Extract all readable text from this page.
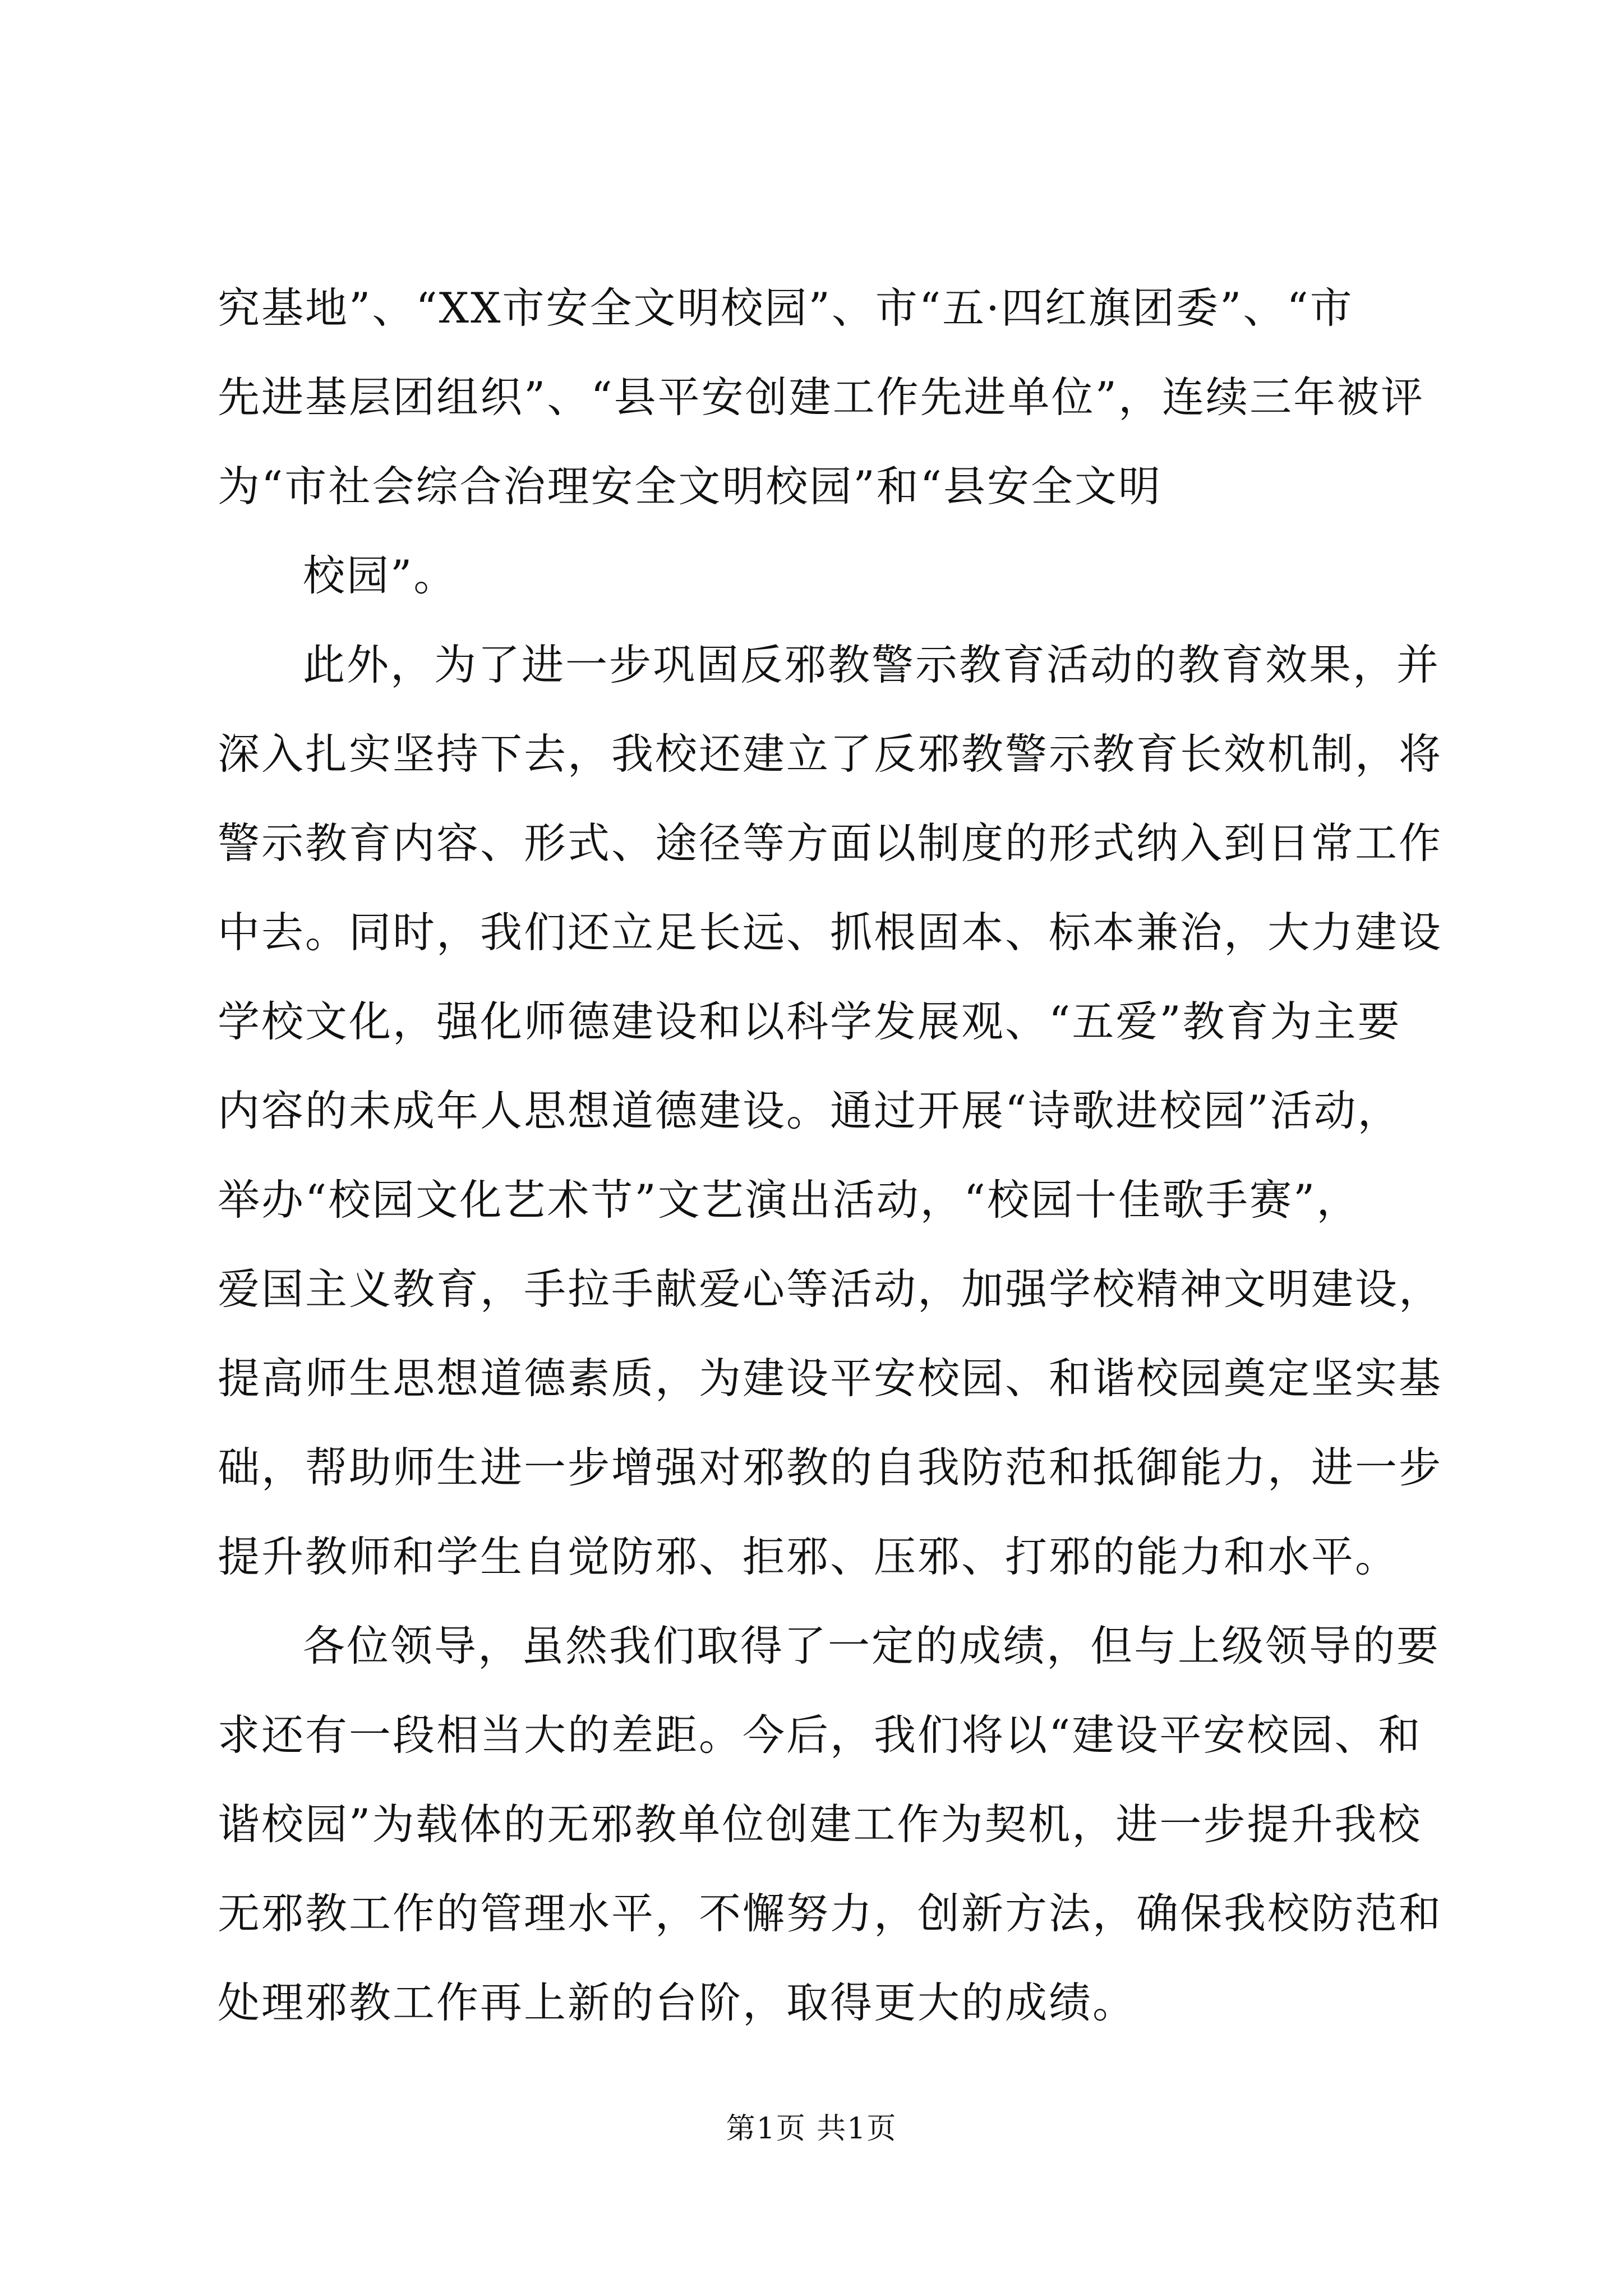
究基地”、“XX市安全文明校园”、市“五·四红旗团委”、“市
先进基层团组织”、“县平安创建工作先进单位”，连续三年被评
为“市社会综合治理安全文明校园”和“县安全文明
校园”。
此外，为了进一步巩固反邪教警示教育活动的教育效果，并
深入扎实坚持下去，我校还建立了反邪教警示教育长效机制，将
警示教育内容、形式、途径等方面以制度的形式纳入到日常工作
中去。同时，我们还立足长远、抓根固本、标本兼治，大力建设
学校文化，强化师德建设和以科学发展观、“五爱”教育为主要
内容的未成年人思想道德建设。通过开展“诗歌进校园”活动，
举办“校园文化艺术节”文艺演出活动，“校园十佳歌手赛”，
爱国主义教育，手拉手献爱心等活动，加强学校精神文明建设，
提高师生思想道德素质，为建设平安校园、和谐校园奠定坚实基
础，帮助师生进一步增强对邪教的自我防范和抵御能力，进一步
提升教师和学生自觉防邪、拒邪、压邪、打邪的能力和水平。
各位领导，虽然我们取得了一定的成绩，但与上级领导的要
求还有一段相当大的差距。今后，我们将以“建设平安校园、和
谐校园”为载体的无邪教单位创建工作为契机，进一步提升我校
无邪教工作的管理水平，不懈努力，创新方法，确保我校防范和
处理邪教工作再上新的台阶，取得更大的成绩。
第1页 共1页
